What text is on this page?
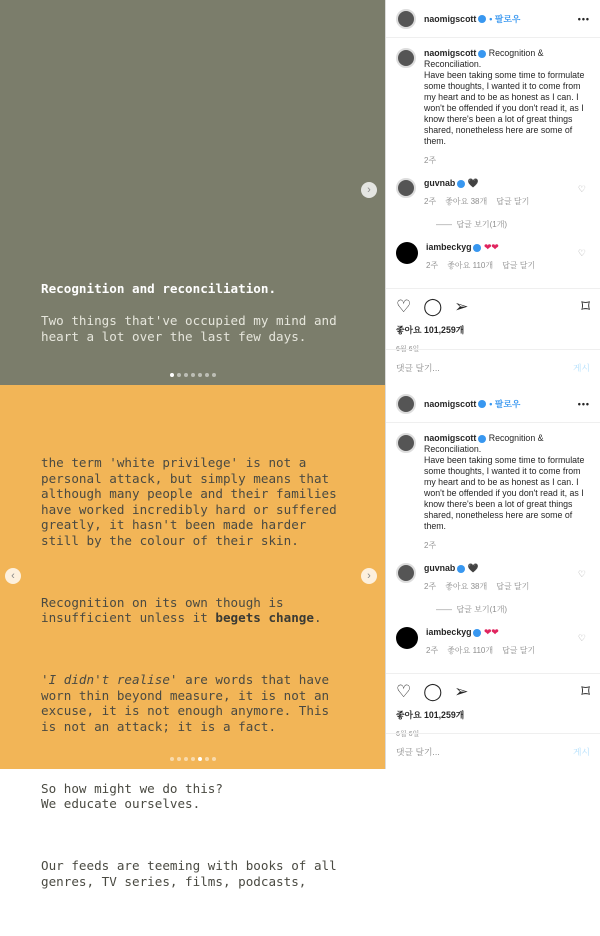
Recognition and reconciliation.
Two things that've occupied my mind and
heart a lot over the last few days.
›
naomigscott • 팔로우	•••
naomigscott Recognition & Reconciliation.
Have been taking some time to formulate some thoughts, I wanted it to come from my heart and to be as honest as I can. I won't be offended if you don't read it, as I know there's been a lot of great things shared, nonetheless here are some of them.
2주
guvnab 🖤
2주 좋아요 38개 답글 달기
♡
——  답글 보기(1개)
iambeckyg ❤❤
2주 좋아요 110개 답글 달기
♡
♡ ◯ ➢	⌑
좋아요 101,259개
6월 6일
댓글 달기...	게시

the term 'white privilege' is not a
personal attack, but simply means that
although many people and their families
have worked incredibly hard or suffered
greatly, it hasn't been made harder
still by the colour of their skin.

Recognition on its own though is
insufficient unless it begets change.

'I didn't realise' are words that have
worn thin beyond measure, it is not an
excuse, it is not enough anymore. This
is not an attack; it is a fact.

So how might we do this?
We educate ourselves.

Our feeds are teeming with books of all
genres, TV series, films, podcasts,

‹	›
naomigscott • 팔로우	•••
naomigscott Recognition & Reconciliation.
Have been taking some time to formulate some thoughts, I wanted it to come from my heart and to be as honest as I can. I won't be offended if you don't read it, as I know there's been a lot of great things shared, nonetheless here are some of them.
2주
guvnab 🖤
2주 좋아요 38개 답글 달기
♡
——  답글 보기(1개)
iambeckyg ❤❤
2주 좋아요 110개 답글 달기
♡
♡ ◯ ➢	⌑
좋아요 101,259개
6월 6일
댓글 달기...	게시
